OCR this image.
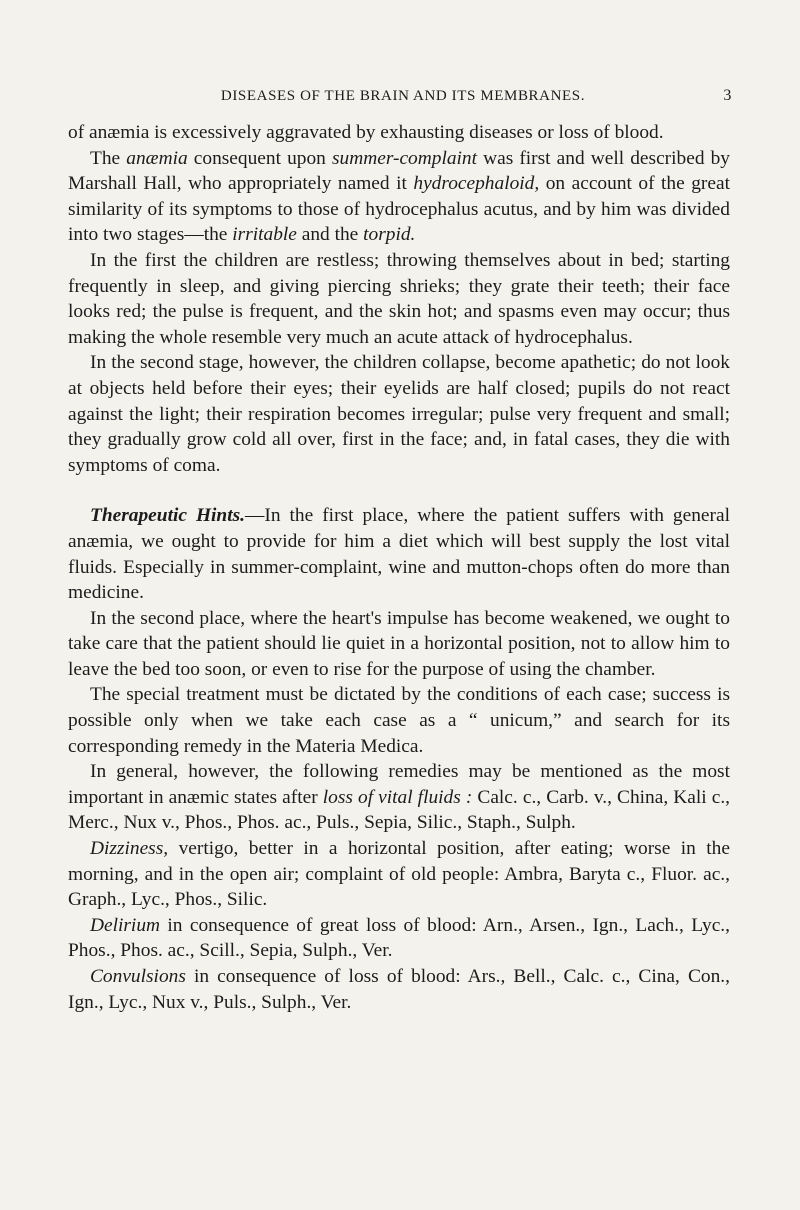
DISEASES OF THE BRAIN AND ITS MEMBRANES.	3

of anæmia is excessively aggravated by exhausting diseases or loss of blood.

The anæmia consequent upon summer-complaint was first and well described by Marshall Hall, who appropriately named it hydrocephaloid, on account of the great similarity of its symptoms to those of hydrocephalus acutus, and by him was divided into two stages—the irritable and the torpid.

In the first the children are restless; throwing themselves about in bed; starting frequently in sleep, and giving piercing shrieks; they grate their teeth; their face looks red; the pulse is frequent, and the skin hot; and spasms even may occur; thus making the whole resemble very much an acute attack of hydrocephalus.

In the second stage, however, the children collapse, become apathetic; do not look at objects held before their eyes; their eyelids are half closed; pupils do not react against the light; their respiration becomes irregular; pulse very frequent and small; they gradually grow cold all over, first in the face; and, in fatal cases, they die with symptoms of coma.

Therapeutic Hints.—In the first place, where the patient suffers with general anæmia, we ought to provide for him a diet which will best supply the lost vital fluids. Especially in summer-complaint, wine and mutton-chops often do more than medicine.

In the second place, where the heart's impulse has become weakened, we ought to take care that the patient should lie quiet in a horizontal position, not to allow him to leave the bed too soon, or even to rise for the purpose of using the chamber.

The special treatment must be dictated by the conditions of each case; success is possible only when we take each case as a “ unicum,” and search for its corresponding remedy in the Materia Medica.

In general, however, the following remedies may be mentioned as the most important in anæmic states after loss of vital fluids : Calc. c., Carb. v., China, Kali c., Merc., Nux v., Phos., Phos. ac., Puls., Sepia, Silic., Staph., Sulph.

Dizziness, vertigo, better in a horizontal position, after eating; worse in the morning, and in the open air; complaint of old people: Ambra, Baryta c., Fluor. ac., Graph., Lyc., Phos., Silic.

Delirium in consequence of great loss of blood: Arn., Arsen., Ign., Lach., Lyc., Phos., Phos. ac., Scill., Sepia, Sulph., Ver.

Convulsions in consequence of loss of blood: Ars., Bell., Calc. c., Cina, Con., Ign., Lyc., Nux v., Puls., Sulph., Ver.
